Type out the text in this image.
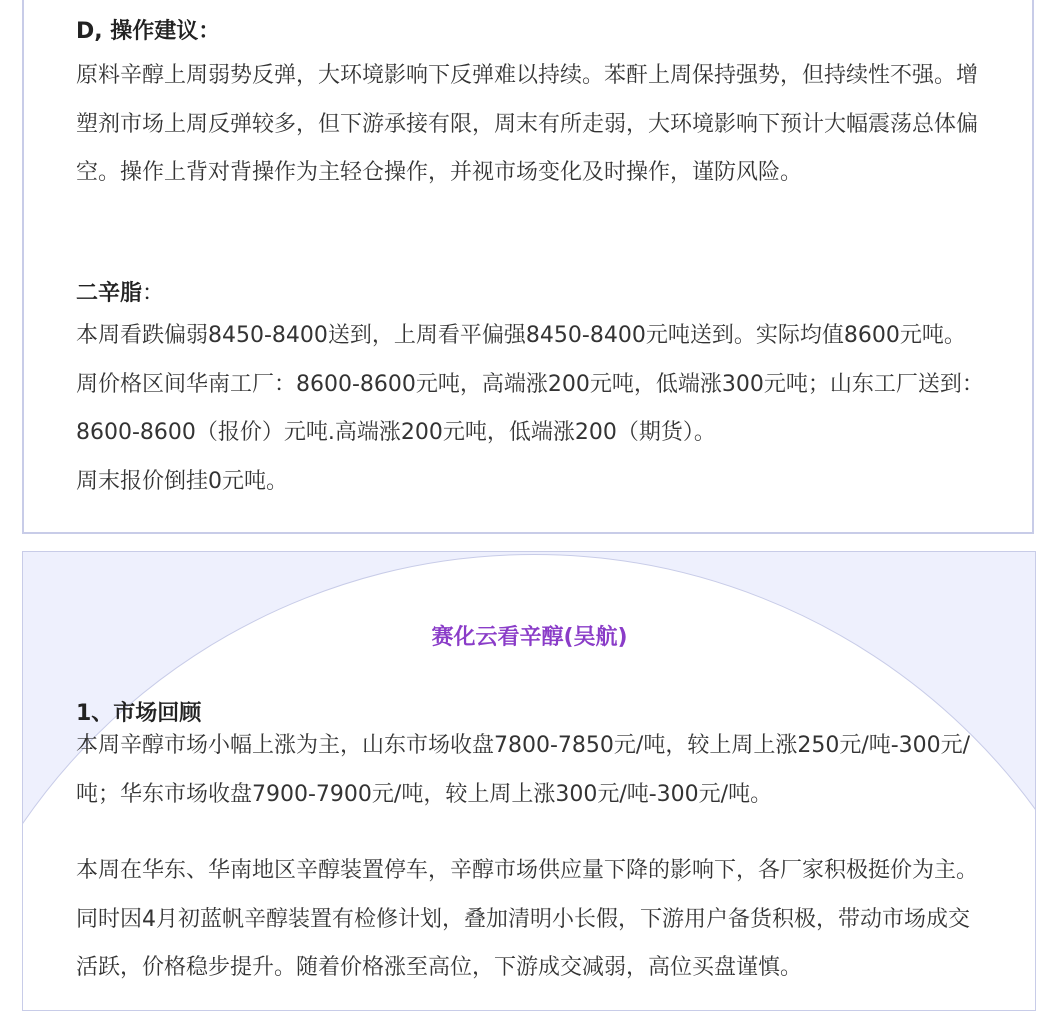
D, 操作建议：

原料辛醇上周弱势反弹，大环境影响下反弹难以持续。苯酐上周保持强势，但持续性不强。增塑剂市场上周反弹较多，但下游承接有限，周末有所走弱，大环境影响下预计大幅震荡总体偏空。操作上背对背操作为主轻仓操作，并视市场变化及时操作，谨防风险。

二辛脂：

本周看跌偏弱8450-8400送到，上周看平偏强8450-8400元吨送到。实际均值8600元吨。周价格区间华南工厂：8600-8600元吨，高端涨200元吨，低端涨300元吨；山东工厂送到：8600-8600（报价）元吨.高端涨200元吨，低端涨200（期货）。

周末报价倒挂0元吨。

赛化云看辛醇(吴航)
1、市场回顾

本周辛醇市场小幅上涨为主，山东市场收盘7800-7850元/吨，较上周上涨250元/吨-300元/吨；华东市场收盘7900-7900元/吨，较上周上涨300元/吨-300元/吨。

本周在华东、华南地区辛醇装置停车，辛醇市场供应量下降的影响下，各厂家积极挺价为主。同时因4月初蓝帆辛醇装置有检修计划，叠加清明小长假，下游用户备货积极，带动市场成交活跃，价格稳步提升。随着价格涨至高位，下游成交减弱，高位买盘谨慎。
